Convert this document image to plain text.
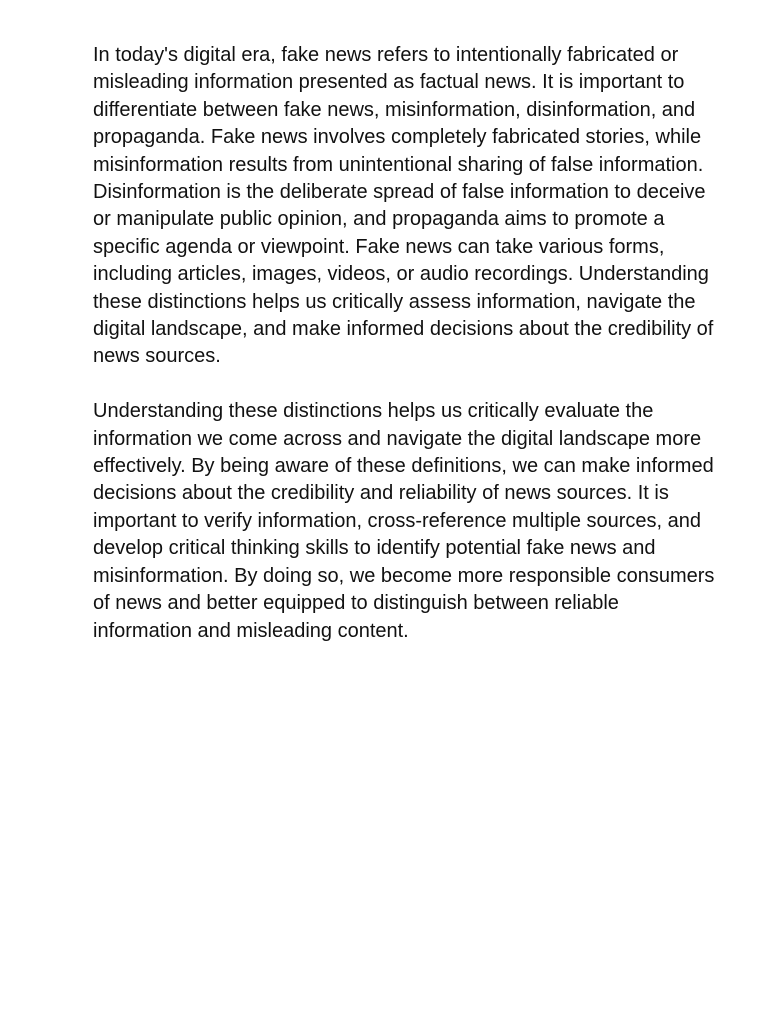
In today's digital era, fake news refers to intentionally fabricated or misleading information presented as factual news. It is important to differentiate between fake news, misinformation, disinformation, and propaganda. Fake news involves completely fabricated stories, while misinformation results from unintentional sharing of false information. Disinformation is the deliberate spread of false information to deceive or manipulate public opinion, and propaganda aims to promote a specific agenda or viewpoint. Fake news can take various forms, including articles, images, videos, or audio recordings. Understanding these distinctions helps us critically assess information, navigate the digital landscape, and make informed decisions about the credibility of news sources.

Understanding these distinctions helps us critically evaluate the information we come across and navigate the digital landscape more effectively. By being aware of these definitions, we can make informed decisions about the credibility and reliability of news sources. It is important to verify information, cross-reference multiple sources, and develop critical thinking skills to identify potential fake news and misinformation. By doing so, we become more responsible consumers of news and better equipped to distinguish between reliable information and misleading content.
